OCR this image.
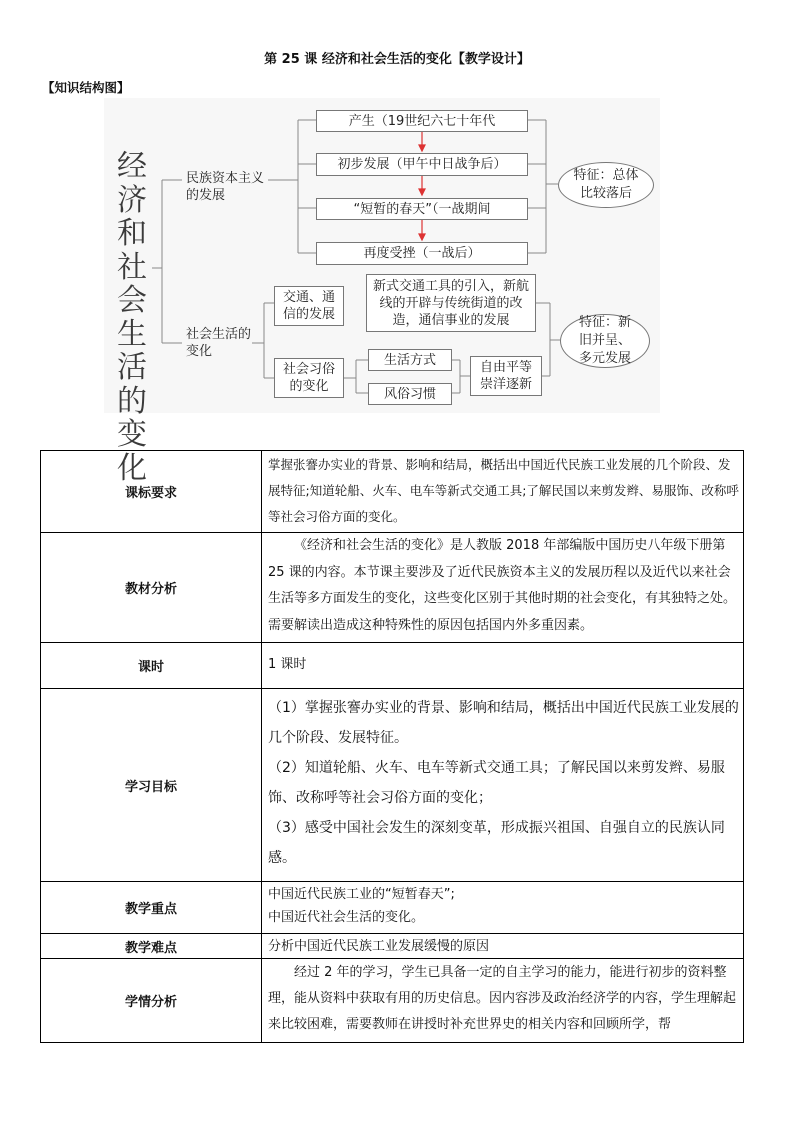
第 25 课 经济和社会生活的变化【教学设计】
【知识结构图】
经
济
和
社
会
生
活
的
变
化
民族资本主义的发展
产生（19世纪六七十年代
初步发展（甲午中日战争后）
“短暂的春天”（一战期间
再度受挫（一战后）
特征：总体比较落后
社会生活的变化
交通、通信的发展
新式交通工具的引入，新航线的开辟与传统街道的改造，通信事业的发展
社会习俗的变化
生活方式
风俗习惯
自由平等崇洋逐新
特征：新旧并呈、多元发展
课标要求	掌握张謇办实业的背景、影响和结局，概括出中国近代民族工业发展的几个阶段、发展特征;知道轮船、火车、电车等新式交通工具;了解民国以来剪发辫、易服饰、改称呼等社会习俗方面的变化。
教材分析	《经济和社会生活的变化》是人教版 2018 年部编版中国历史八年级下册第 25 课的内容。本节课主要涉及了近代民族资本主义的发展历程以及近代以来社会生活等多方面发生的变化，这些变化区别于其他时期的社会变化，有其独特之处。需要解读出造成这种特殊性的原因包括国内外多重因素。
课时	1 课时
学习目标	（1）掌握张謇办实业的背景、影响和结局，概括出中国近代民族工业发展的几个阶段、发展特征。

（2）知道轮船、火车、电车等新式交通工具；了解民国以来剪发辫、易服饰、改称呼等社会习俗方面的变化；

（3）感受中国社会发生的深刻变革，形成振兴祖国、自强自立的民族认同感。

教学重点	中国近代民族工业的“短暂春天”;
中国近代社会生活的变化。

教学难点	分析中国近代民族工业发展缓慢的原因
学情分析	经过 2 年的学习，学生已具备一定的自主学习的能力，能进行初步的资料整理，能从资料中获取有用的历史信息。因内容涉及政治经济学的内容，学生理解起来比较困难，需要教师在讲授时补充世界史的相关内容和回顾所学，帮
